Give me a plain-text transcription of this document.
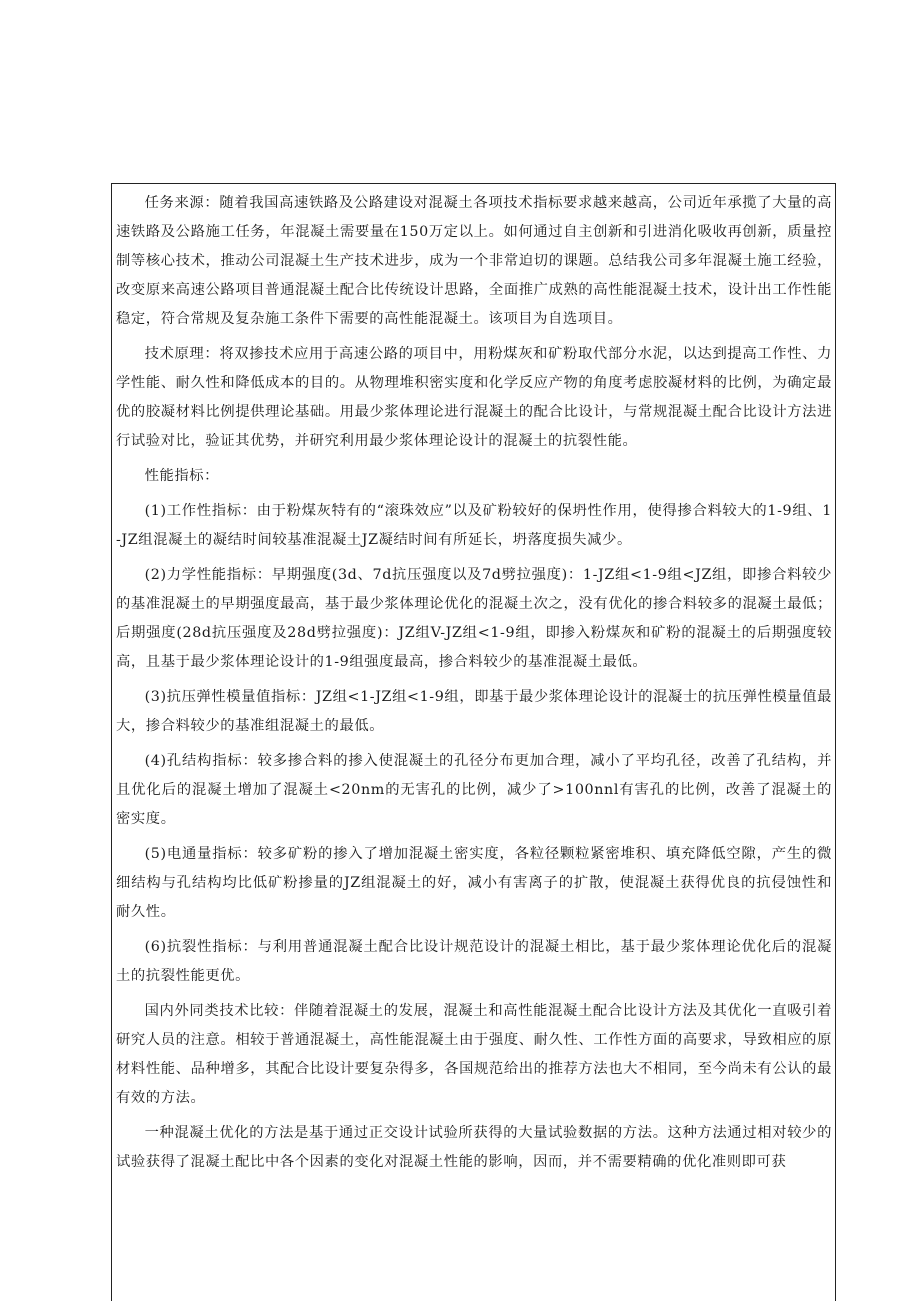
任务来源：随着我国高速铁路及公路建设对混凝土各项技术指标要求越来越高，公司近年承揽了大量的高速铁路及公路施工任务，年混凝土需要量在150万定以上。如何通过自主创新和引进消化吸收再创新，质量控制等核心技术，推动公司混凝土生产技术进步，成为一个非常迫切的课题。总结我公司多年混凝土施工经验，改变原来高速公路项目普通混凝土配合比传统设计思路，全面推广成熟的高性能混凝土技术，设计出工作性能稳定，符合常规及复杂施工条件下需要的高性能混凝土。该项目为自选项目。

技术原理：将双掺技术应用于高速公路的项目中，用粉煤灰和矿粉取代部分水泥，以达到提高工作性、力学性能、耐久性和降低成本的目的。从物理堆积密实度和化学反应产物的角度考虑胶凝材料的比例，为确定最优的胶凝材料比例提供理论基础。用最少浆体理论进行混凝土的配合比设计，与常规混凝土配合比设计方法进行试验对比，验证其优势，并研究利用最少浆体理论设计的混凝土的抗裂性能。

性能指标：

(1)工作性指标：由于粉煤灰特有的“滚珠效应”以及矿粉较好的保坍性作用，使得掺合料较大的1-9组、1-JZ组混凝土的凝结时间较基准混凝土JZ凝结时间有所延长，坍落度损失减少。

(2)力学性能指标：早期强度(3d、7d抗压强度以及7d劈拉强度)：1-JZ组<1-9组<JZ组，即掺合料较少的基准混凝土的早期强度最高，基于最少浆体理论优化的混凝土次之，没有优化的掺合料较多的混凝土最低；后期强度(28d抗压强度及28d劈拉强度)：JZ组V-JZ组<1-9组，即掺入粉煤灰和矿粉的混凝土的后期强度较高，且基于最少浆体理论设计的1-9组强度最高，掺合料较少的基准混凝土最低。

(3)抗压弹性模量值指标：JZ组<1-JZ组<1-9组，即基于最少浆体理论设计的混凝士的抗压弹性模量值最大，掺合料较少的基准组混凝土的最低。

(4)孔结构指标：较多掺合料的掺入使混凝土的孔径分布更加合理，减小了平均孔径，改善了孔结构，并且优化后的混凝土增加了混凝土<20nm的无害孔的比例，减少了>100nnl有害孔的比例，改善了混凝土的密实度。

(5)电通量指标：较多矿粉的掺入了增加混凝土密实度，各粒径颗粒紧密堆积、填充降低空隙，产生的微细结构与孔结构均比低矿粉掺量的JZ组混凝土的好，减小有害离子的扩散，使混凝土获得优良的抗侵蚀性和耐久性。

(6)抗裂性指标：与利用普通混凝土配合比设计规范设计的混凝土相比，基于最少浆体理论优化后的混凝土的抗裂性能更优。

国内外同类技术比较：伴随着混凝土的发展，混凝土和高性能混凝土配合比设计方法及其优化一直吸引着研究人员的注意。相较于普通混凝土，高性能混凝土由于强度、耐久性、工作性方面的高要求，导致相应的原材料性能、品种增多，其配合比设计要复杂得多，各国规范给出的推荐方法也大不相同，至今尚未有公认的最有效的方法。

一种混凝土优化的方法是基于通过正交设计试验所获得的大量试验数据的方法。这种方法通过相对较少的试验获得了混凝土配比中各个因素的变化对混凝土性能的影响，因而，并不需要精确的优化准则即可获
